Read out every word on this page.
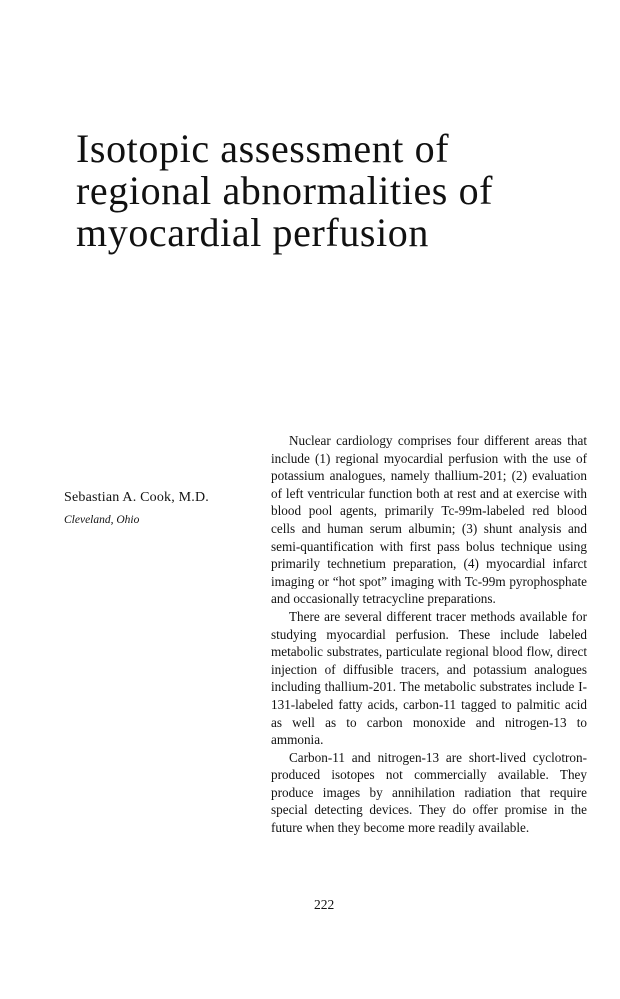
Isotopic assessment of
regional abnormalities of
myocardial perfusion
Sebastian A. Cook, M.D.
Cleveland, Ohio

Nuclear cardiology comprises four different areas that include (1) regional myocardial perfusion with the use of potassium analogues, namely thallium-201; (2) evaluation of left ventricular function both at rest and at exercise with blood pool agents, primarily Tc-99m-labeled red blood cells and human serum albumin; (3) shunt analysis and semi-quantification with first pass bolus technique using primarily technetium preparation, (4) myocardial infarct imaging or “hot spot” imaging with Tc-99m pyrophosphate and occasionally tetracycline preparations.

There are several different tracer methods available for studying myocardial perfusion. These include labeled metabolic substrates, particulate regional blood flow, direct injection of diffusible tracers, and potassium analogues including thallium-201. The metabolic substrates include I-131-labeled fatty acids, carbon-11 tagged to palmitic acid as well as to carbon monoxide and nitrogen-13 to ammonia.

Carbon-11 and nitrogen-13 are short-lived cyclotron-produced isotopes not commercially available. They produce images by annihilation radiation that require special detecting devices. They do offer promise in the future when they become more readily available.

222
